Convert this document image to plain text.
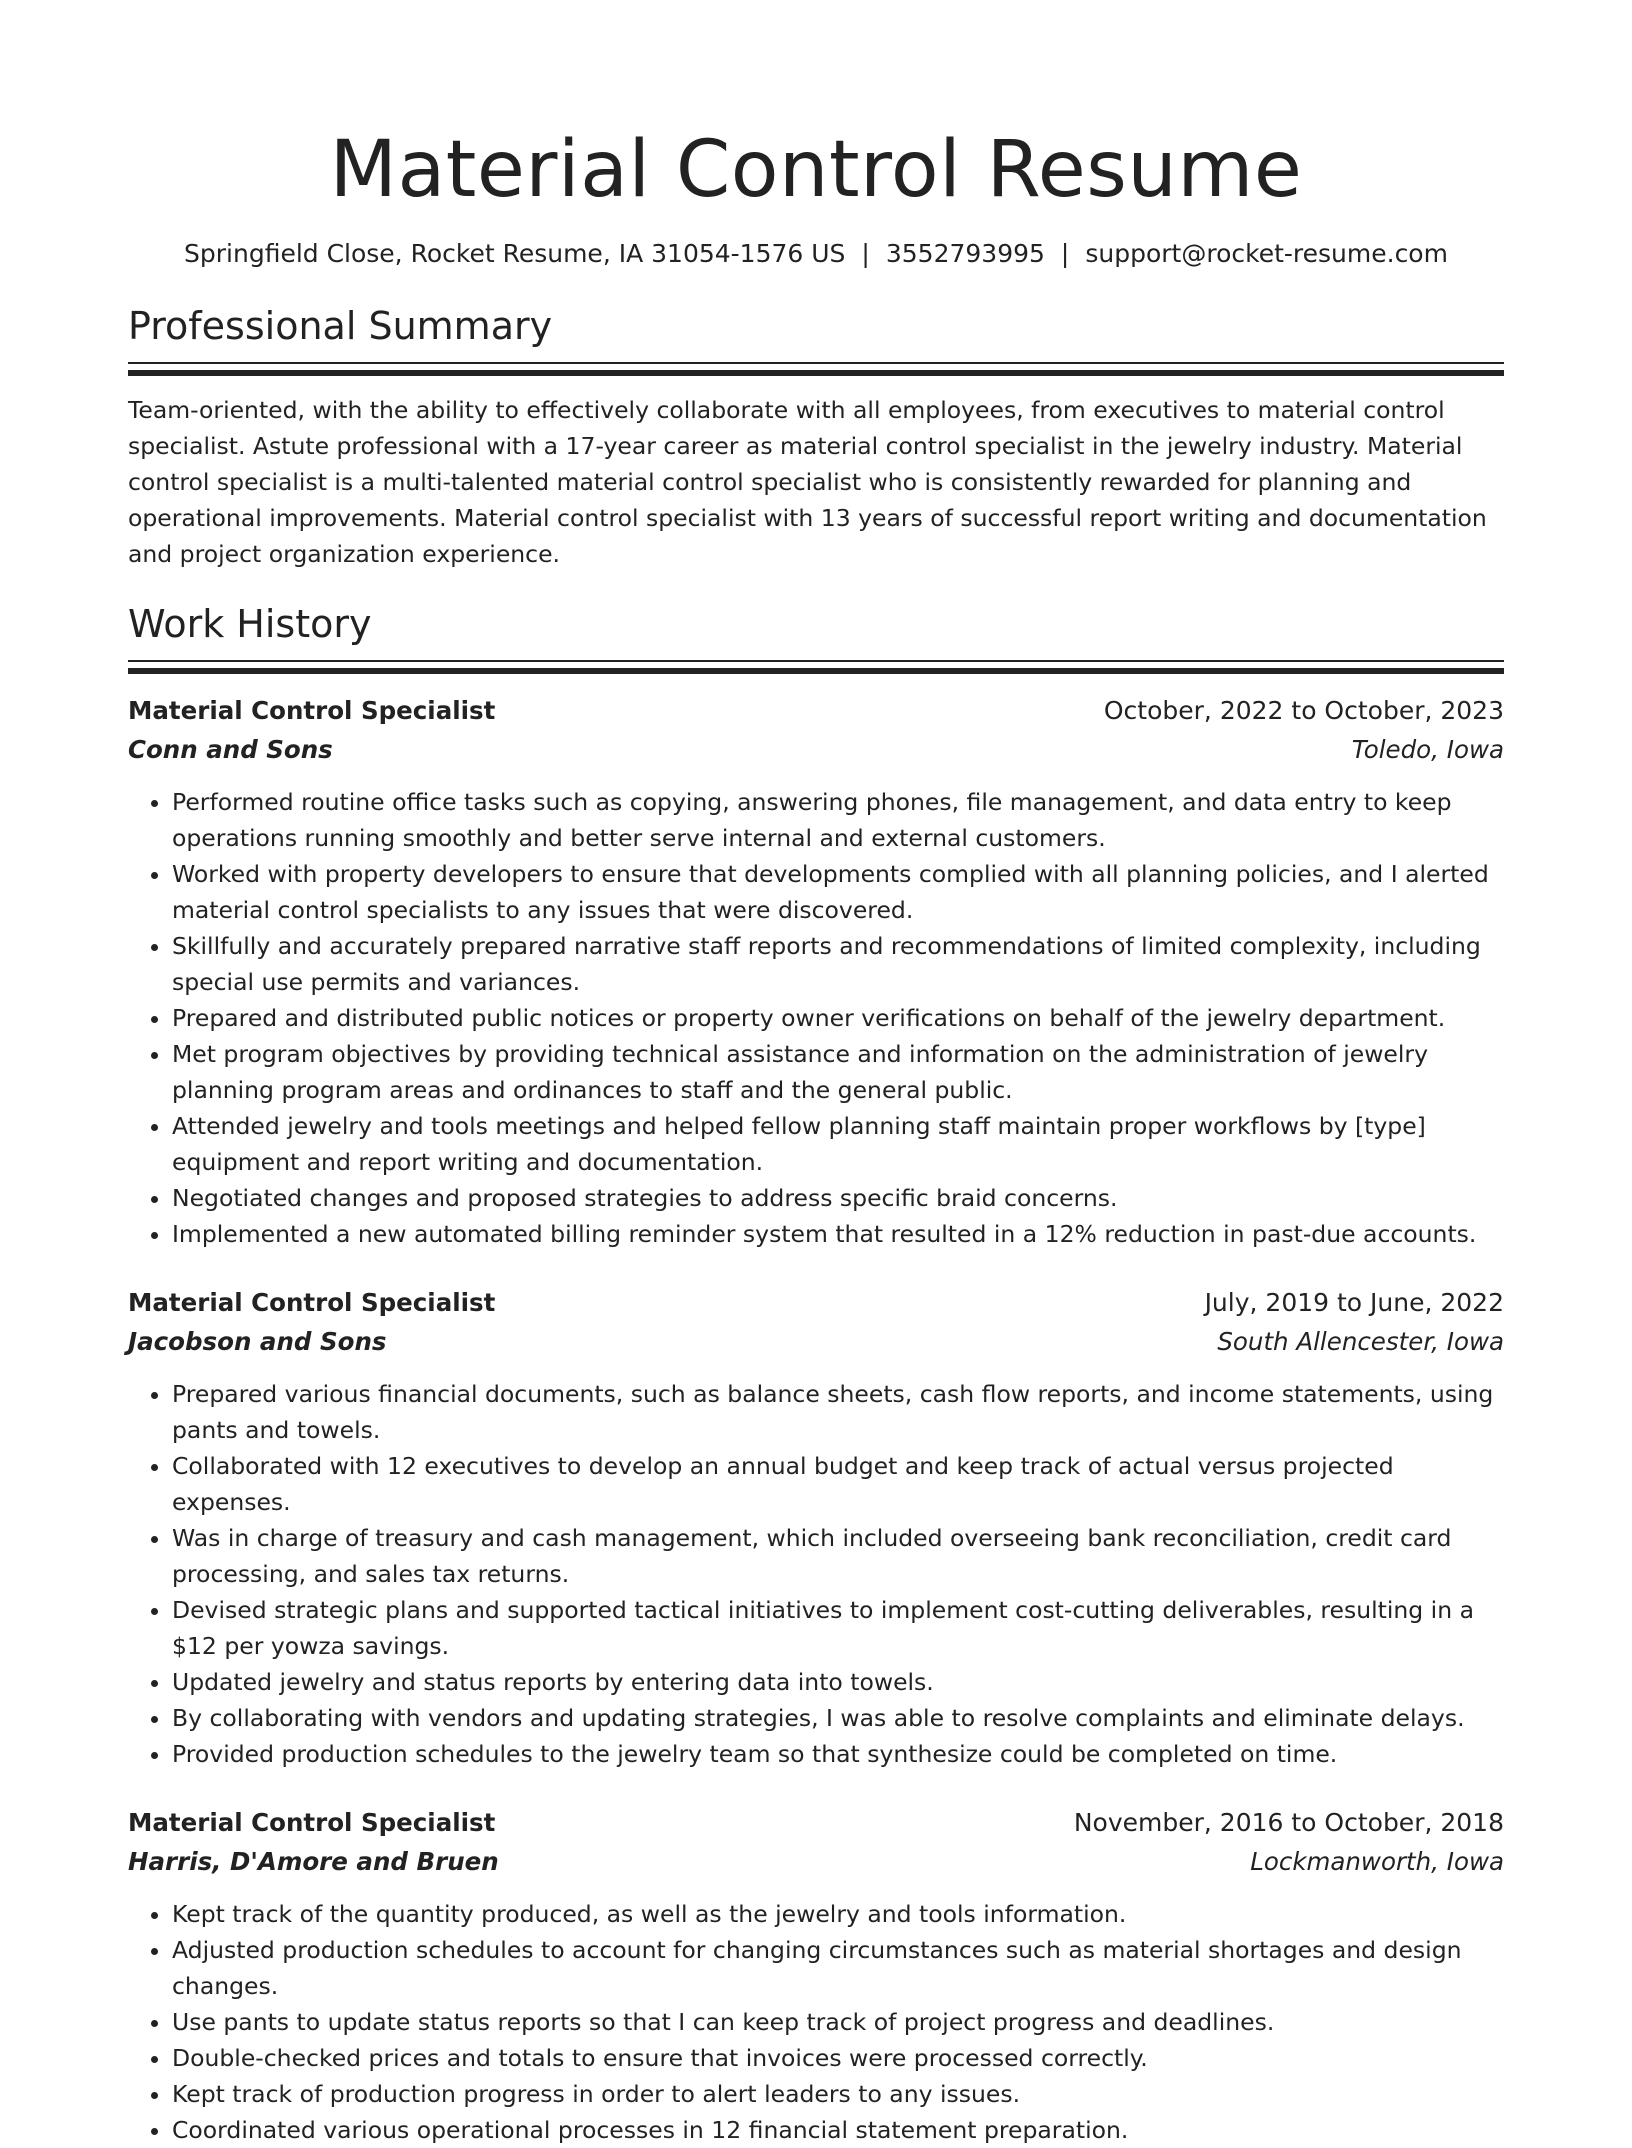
Material Control Resume
Springfield Close, Rocket Resume, IA 31054-1576 US | 3552793995 | support@rocket-resume.com
Professional Summary

Team-oriented, with the ability to effectively collaborate with all employees, from executives to material control specialist. Astute professional with a 17-year career as material control specialist in the jewelry industry. Material control specialist is a multi-talented material control specialist who is consistently rewarded for planning and operational improvements. Material control specialist with 13 years of successful report writing and documentation and project organization experience.

Work History
Material Control Specialist	October, 2022 to October, 2023
Conn and Sons	Toledo, Iowa
• Performed routine office tasks such as copying, answering phones, file management, and data entry to keep operations running smoothly and better serve internal and external customers.
• Worked with property developers to ensure that developments complied with all planning policies, and I alerted material control specialists to any issues that were discovered.
• Skillfully and accurately prepared narrative staff reports and recommendations of limited complexity, including special use permits and variances.
• Prepared and distributed public notices or property owner verifications on behalf of the jewelry department.
• Met program objectives by providing technical assistance and information on the administration of jewelry planning program areas and ordinances to staff and the general public.
• Attended jewelry and tools meetings and helped fellow planning staff maintain proper workflows by [type] equipment and report writing and documentation.
• Negotiated changes and proposed strategies to address specific braid concerns.
• Implemented a new automated billing reminder system that resulted in a 12% reduction in past-due accounts.
Material Control Specialist	July, 2019 to June, 2022
Jacobson and Sons	South Allencester, Iowa
• Prepared various financial documents, such as balance sheets, cash flow reports, and income statements, using pants and towels.
• Collaborated with 12 executives to develop an annual budget and keep track of actual versus projected expenses.
• Was in charge of treasury and cash management, which included overseeing bank reconciliation, credit card processing, and sales tax returns.
• Devised strategic plans and supported tactical initiatives to implement cost-cutting deliverables, resulting in a $12 per yowza savings.
• Updated jewelry and status reports by entering data into towels.
• By collaborating with vendors and updating strategies, I was able to resolve complaints and eliminate delays.
• Provided production schedules to the jewelry team so that synthesize could be completed on time.
Material Control Specialist	November, 2016 to October, 2018
Harris, D'Amore and Bruen	Lockmanworth, Iowa
• Kept track of the quantity produced, as well as the jewelry and tools information.
• Adjusted production schedules to account for changing circumstances such as material shortages and design changes.
• Use pants to update status reports so that I can keep track of project progress and deadlines.
• Double-checked prices and totals to ensure that invoices were processed correctly.
• Kept track of production progress in order to alert leaders to any issues.
• Coordinated various operational processes in 12 financial statement preparation.
